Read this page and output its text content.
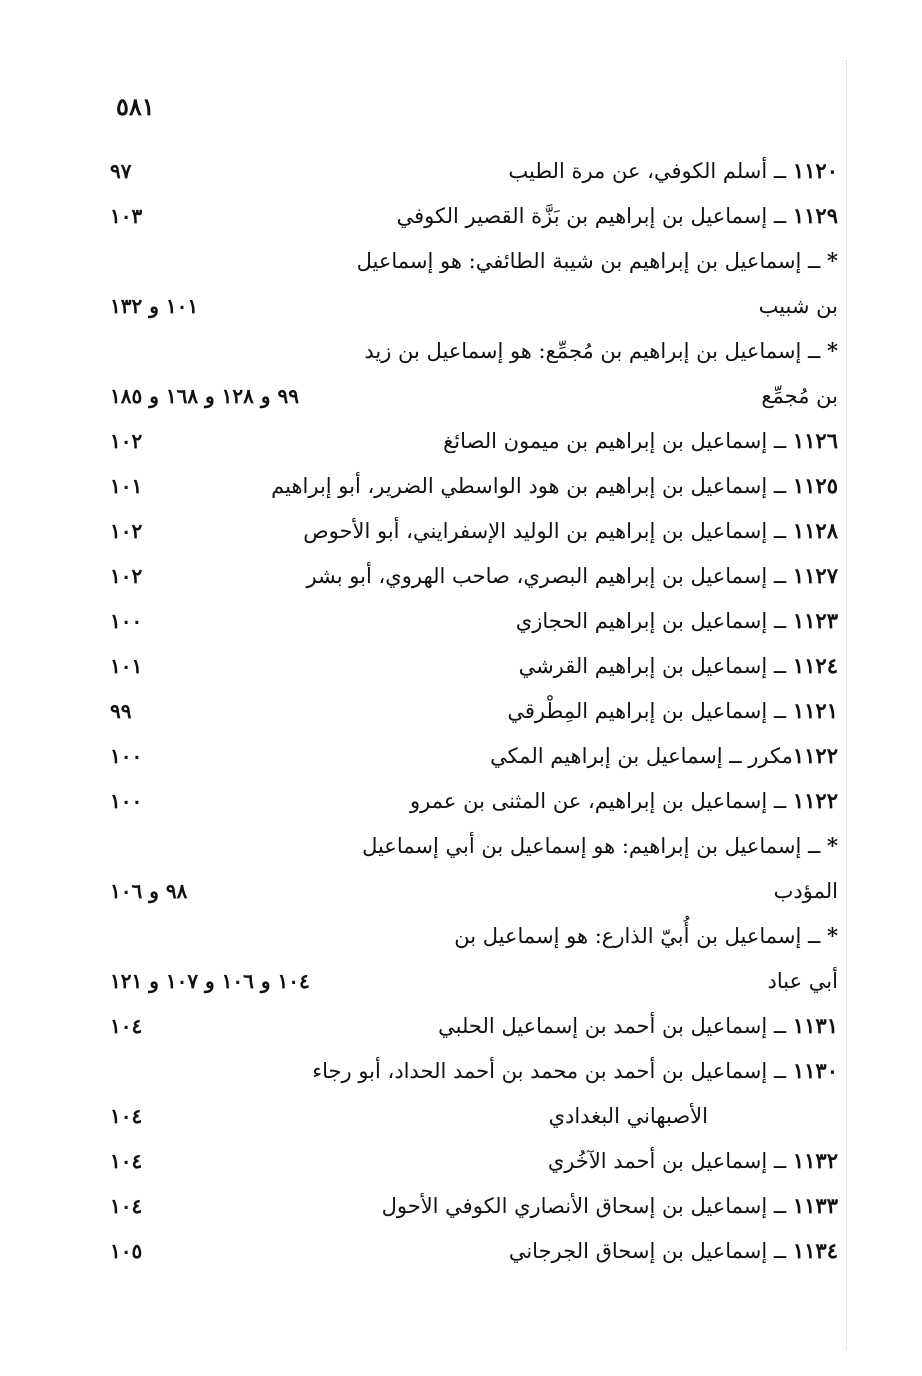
٥٨١
١١٢٠ ــ أسلم الكوفي، عن مرة الطيب
٩٧
١١٢٩ ــ إسماعيل بن إبراهيم بن بَزَّة القصير الكوفي
١٠٣
* ــ إسماعيل بن إبراهيم بن شيبة الطائفي: هو إسماعيل
بن شبيب
١٠١ و ١٣٢
* ــ إسماعيل بن إبراهيم بن مُجمِّع: هو إسماعيل بن زيد
بن مُجمِّع
٩٩ و ١٢٨ و ١٦٨ و ١٨٥
١١٢٦ ــ إسماعيل بن إبراهيم بن ميمون الصائغ
١٠٢
١١٢٥ ــ إسماعيل بن إبراهيم بن هود الواسطي الضرير، أبو إبراهيم
١٠١
١١٢٨ ــ إسماعيل بن إبراهيم بن الوليد الإسفرايني، أبو الأحوص
١٠٢
١١٢٧ ــ إسماعيل بن إبراهيم البصري، صاحب الهروي، أبو بشر
١٠٢
١١٢٣ ــ إسماعيل بن إبراهيم الحجازي
١٠٠
١١٢٤ ــ إسماعيل بن إبراهيم القرشي
١٠١
١١٢١ ــ إسماعيل بن إبراهيم المِطْرقي
٩٩
١١٢٢مكرر ــ إسماعيل بن إبراهيم المكي
١٠٠
١١٢٢ ــ إسماعيل بن إبراهيم، عن المثنى بن عمرو
١٠٠
* ــ إسماعيل بن إبراهيم: هو إسماعيل بن أبي إسماعيل
المؤدب
٩٨ و ١٠٦
* ــ إسماعيل بن أُبيّ الذارع: هو إسماعيل بن
أبي عباد
١٠٤ و ١٠٦ و ١٠٧ و ١٢١
١١٣١ ــ إسماعيل بن أحمد بن إسماعيل الحلبي
١٠٤
١١٣٠ ــ إسماعيل بن أحمد بن محمد بن أحمد الحداد، أبو رجاء
الأصبهاني البغدادي
١٠٤
١١٣٢ ــ إسماعيل بن أحمد الآخُري
١٠٤
١١٣٣ ــ إسماعيل بن إسحاق الأنصاري الكوفي الأحول
١٠٤
١١٣٤ ــ إسماعيل بن إسحاق الجرجاني
١٠٥
